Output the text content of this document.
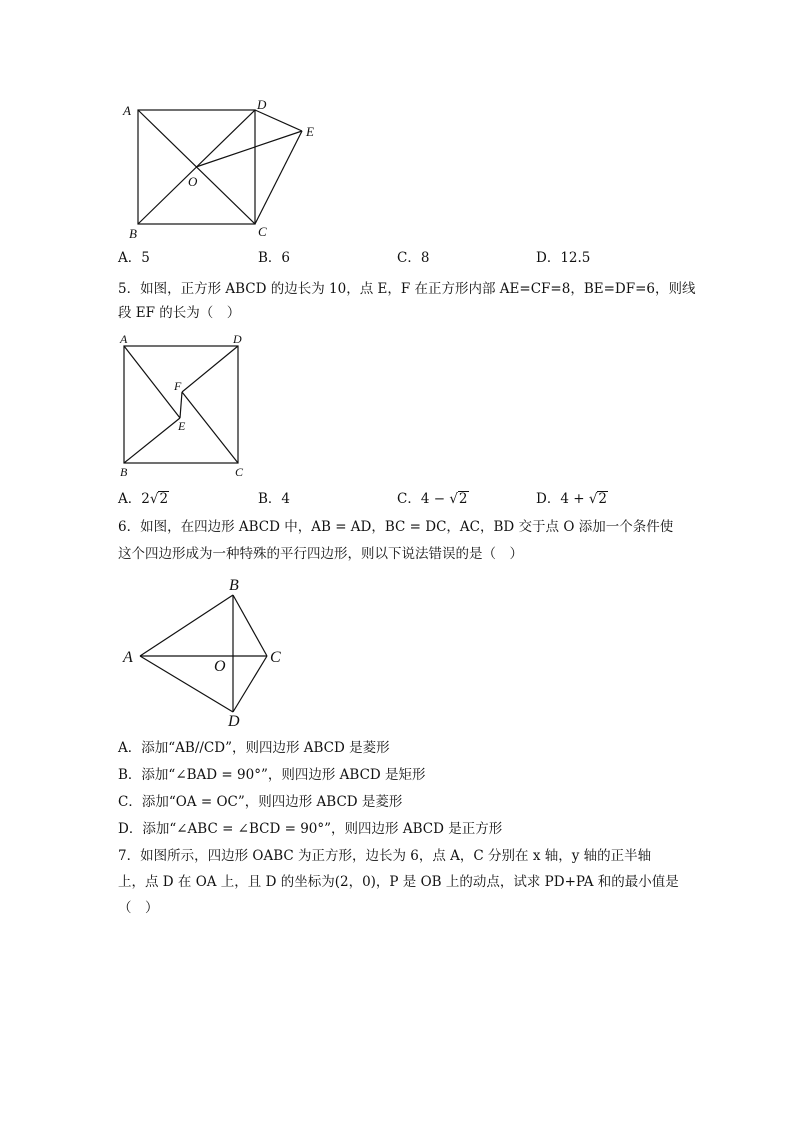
A	D
E
O
B	C
A．5	B．6	C．8	D．12.5
5．如图，正方形 ABCD 的边长为 10，点 E，F 在正方形内部 AE=CF=8，BE=DF=6，则线
段 EF 的长为（　）
A	D
F
E
B	C
A．2√2	B．4	C．4 − √2	D．4 + √2
6．如图，在四边形 ABCD 中，AB = AD，BC = DC，AC，BD 交于点 O 添加一个条件使
这个四边形成为一种特殊的平行四边形，则以下说法错误的是（　）
B
A
O
C
D
A．添加“AB//CD”，则四边形 ABCD 是菱形
B．添加“∠BAD = 90°”，则四边形 ABCD 是矩形
C．添加“OA = OC”，则四边形 ABCD 是菱形
D．添加“∠ABC = ∠BCD = 90°”，则四边形 ABCD 是正方形
7．如图所示，四边形 OABC 为正方形，边长为 6，点 A，C 分别在 x 轴，y 轴的正半轴
上，点 D 在 OA 上，且 D 的坐标为(2，0)，P 是 OB 上的动点，试求 PD+PA 和的最小值是
（　）
